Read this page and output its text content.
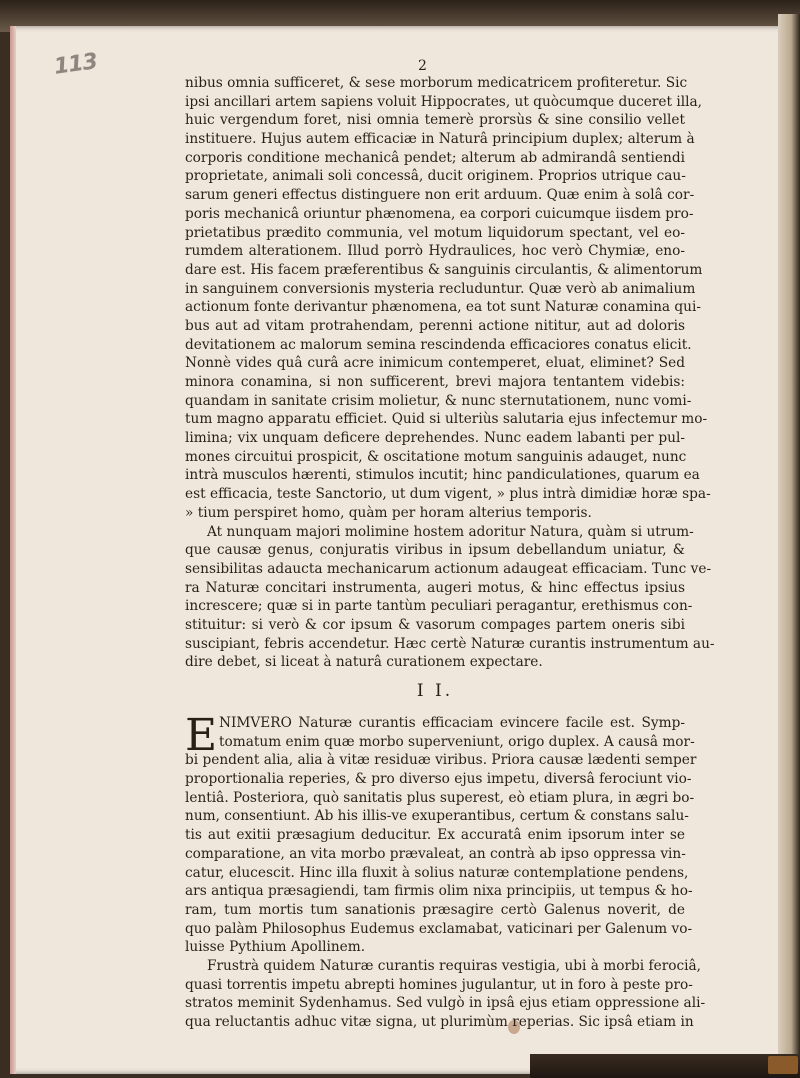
113	2
nibus omnia sufficeret, & sese morborum medicatricem profiteretur. Sic
ipsi ancillari artem sapiens voluit Hippocrates, ut quòcumque duceret illa,
huic vergendum foret, nisi omnia temerè prorsùs & sine consilio vellet
instituere. Hujus autem efficaciæ in Naturâ principium duplex; alterum à
corporis conditione mechanicâ pendet; alterum ab admirandâ sentiendi
proprietate, animali soli concessâ, ducit originem. Proprios utrique cau-
sarum generi effectus distinguere non erit arduum. Quæ enim à solâ cor-
poris mechanicâ oriuntur phænomena, ea corpori cuicumque iisdem pro-
prietatibus prædito communia, vel motum liquidorum spectant, vel eo-
rumdem alterationem. Illud porrò Hydraulices, hoc verò Chymiæ, eno-
dare est. His facem præferentibus & sanguinis circulantis, & alimentorum
in sanguinem conversionis mysteria recluduntur. Quæ verò ab animalium
actionum fonte derivantur phænomena, ea tot sunt Naturæ conamina qui-
bus aut ad vitam protrahendam, perenni actione nititur, aut ad doloris
devitationem ac malorum semina rescindenda efficaciores conatus elicit.
Nonnè vides quâ curâ acre inimicum contemperet, eluat, eliminet? Sed
minora conamina, si non sufficerent, brevi majora tentantem videbis:
quandam in sanitate crisim molietur, & nunc sternutationem, nunc vomi-
tum magno apparatu efficiet. Quid si ulteriùs salutaria ejus infectemur mo-
limina; vix unquam deficere deprehendes. Nunc eadem labanti per pul-
mones circuitui prospicit, & oscitatione motum sanguinis adauget, nunc
intrà musculos hærenti, stimulos incutit; hinc pandiculationes, quarum ea
est efficacia, teste Sanctorio, ut dum vigent, » plus intrà dimidiæ horæ spa-
» tium perspiret homo, quàm per horam alterius temporis.
At nunquam majori molimine hostem adoritur Natura, quàm si utrum-
que causæ genus, conjuratis viribus in ipsum debellandum uniatur, &
sensibilitas adaucta mechanicarum actionum adaugeat efficaciam. Tunc ve-
ra Naturæ concitari instrumenta, augeri motus, & hinc effectus ipsius
increscere; quæ si in parte tantùm peculiari peragantur, erethismus con-
stituitur: si verò & cor ipsum & vasorum compages partem oneris sibi
suscipiant, febris accendetur. Hæc certè Naturæ curantis instrumentum au-
dire debet, si liceat à naturâ curationem expectare.
I I.
E NIMVERO Naturæ curantis efficaciam evincere facile est. Symp-
tomatum enim quæ morbo superveniunt, origo duplex. A causâ mor-
bi pendent alia, alia à vitæ residuæ viribus. Priora causæ lædenti semper
proportionalia reperies, & pro diverso ejus impetu, diversâ ferociunt vio-
lentiâ. Posteriora, quò sanitatis plus superest, eò etiam plura, in ægri bo-
num, consentiunt. Ab his illis-ve exuperantibus, certum & constans salu-
tis aut exitii præsagium deducitur. Ex accuratâ enim ipsorum inter se
comparatione, an vita morbo prævaleat, an contrà ab ipso oppressa vin-
catur, elucescit. Hinc illa fluxit à solius naturæ contemplatione pendens,
ars antiqua præsagiendi, tam firmis olim nixa principiis, ut tempus & ho-
ram, tum mortis tum sanationis præsagire certò Galenus noverit, de
quo palàm Philosophus Eudemus exclamabat, vaticinari per Galenum vo-
luisse Pythium Apollinem.
Frustrà quidem Naturæ curantis requiras vestigia, ubi à morbi ferociâ,
quasi torrentis impetu abrepti homines jugulantur, ut in foro à peste pro-
stratos meminit Sydenhamus. Sed vulgò in ipsâ ejus etiam oppressione ali-
qua reluctantis adhuc vitæ signa, ut plurimùm reperias. Sic ipsâ etiam in
